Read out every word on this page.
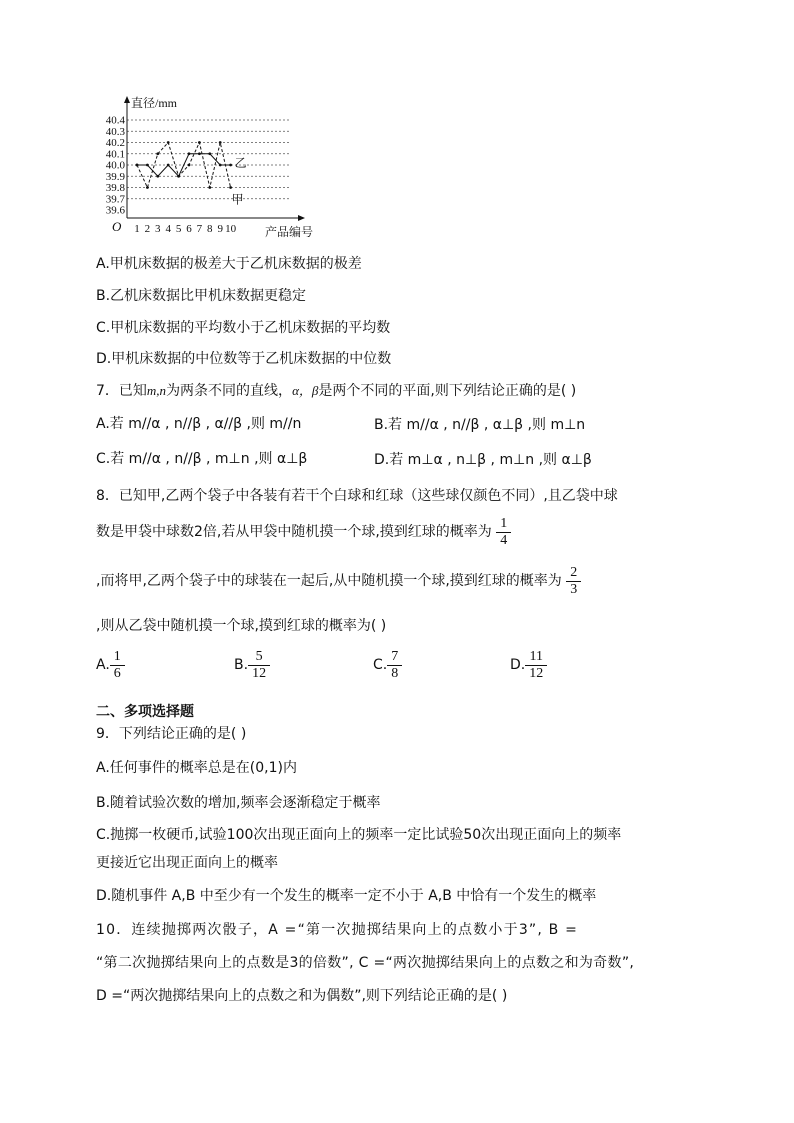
40.4
40.3
40.2
40.1
40.0
39.9
39.8
39.7
39.6
直径/mm
O	产品编号
1 2 3 4 5 6 7 8 9 10
乙
甲
A.甲机床数据的极差大于乙机床数据的极差
B.乙机床数据比甲机床数据更稳定
C.甲机床数据的平均数小于乙机床数据的平均数
D.甲机床数据的中位数等于乙机床数据的中位数
7．已知m,n为两条不同的直线，α，β是两个不同的平面,则下列结论正确的是( )
A.若 m//α , n//β , α//β ,则 m//n	B.若 m//α , n//β , α⊥β ,则 m⊥n
C.若 m//α , n//β , m⊥n ,则 α⊥β	D.若 m⊥α , n⊥β , m⊥n ,则 α⊥β
8．已知甲,乙两个袋子中各装有若干个白球和红球（这些球仅颜色不同）,且乙袋中球
数是甲袋中球数2倍,若从甲袋中随机摸一个球,摸到红球的概率为 $\frac{1}{4}$
,而将甲,乙两个袋子中的球装在一起后,从中随机摸一个球,摸到红球的概率为 $\frac{2}{3}$
,则从乙袋中随机摸一个球,摸到红球的概率为( )
A. $\frac{1}{6}$	B. $\frac{5}{12}$	C. $\frac{7}{8}$	D. $\frac{11}{12}$
二、多项选择题
9．下列结论正确的是( )
A.任何事件的概率总是在(0,1)内
B.随着试验次数的增加,频率会逐渐稳定于概率
C.抛掷一枚硬币,试验100次出现正面向上的频率一定比试验50次出现正面向上的频率
更接近它出现正面向上的概率
D.随机事件 A,B 中至少有一个发生的概率一定不小于 A,B 中恰有一个发生的概率
10．连续抛掷两次骰子，A =“第一次抛掷结果向上的点数小于3”, B =
“第二次抛掷结果向上的点数是3的倍数”, C =“两次抛掷结果向上的点数之和为奇数”,
D =“两次抛掷结果向上的点数之和为偶数”,则下列结论正确的是( )
